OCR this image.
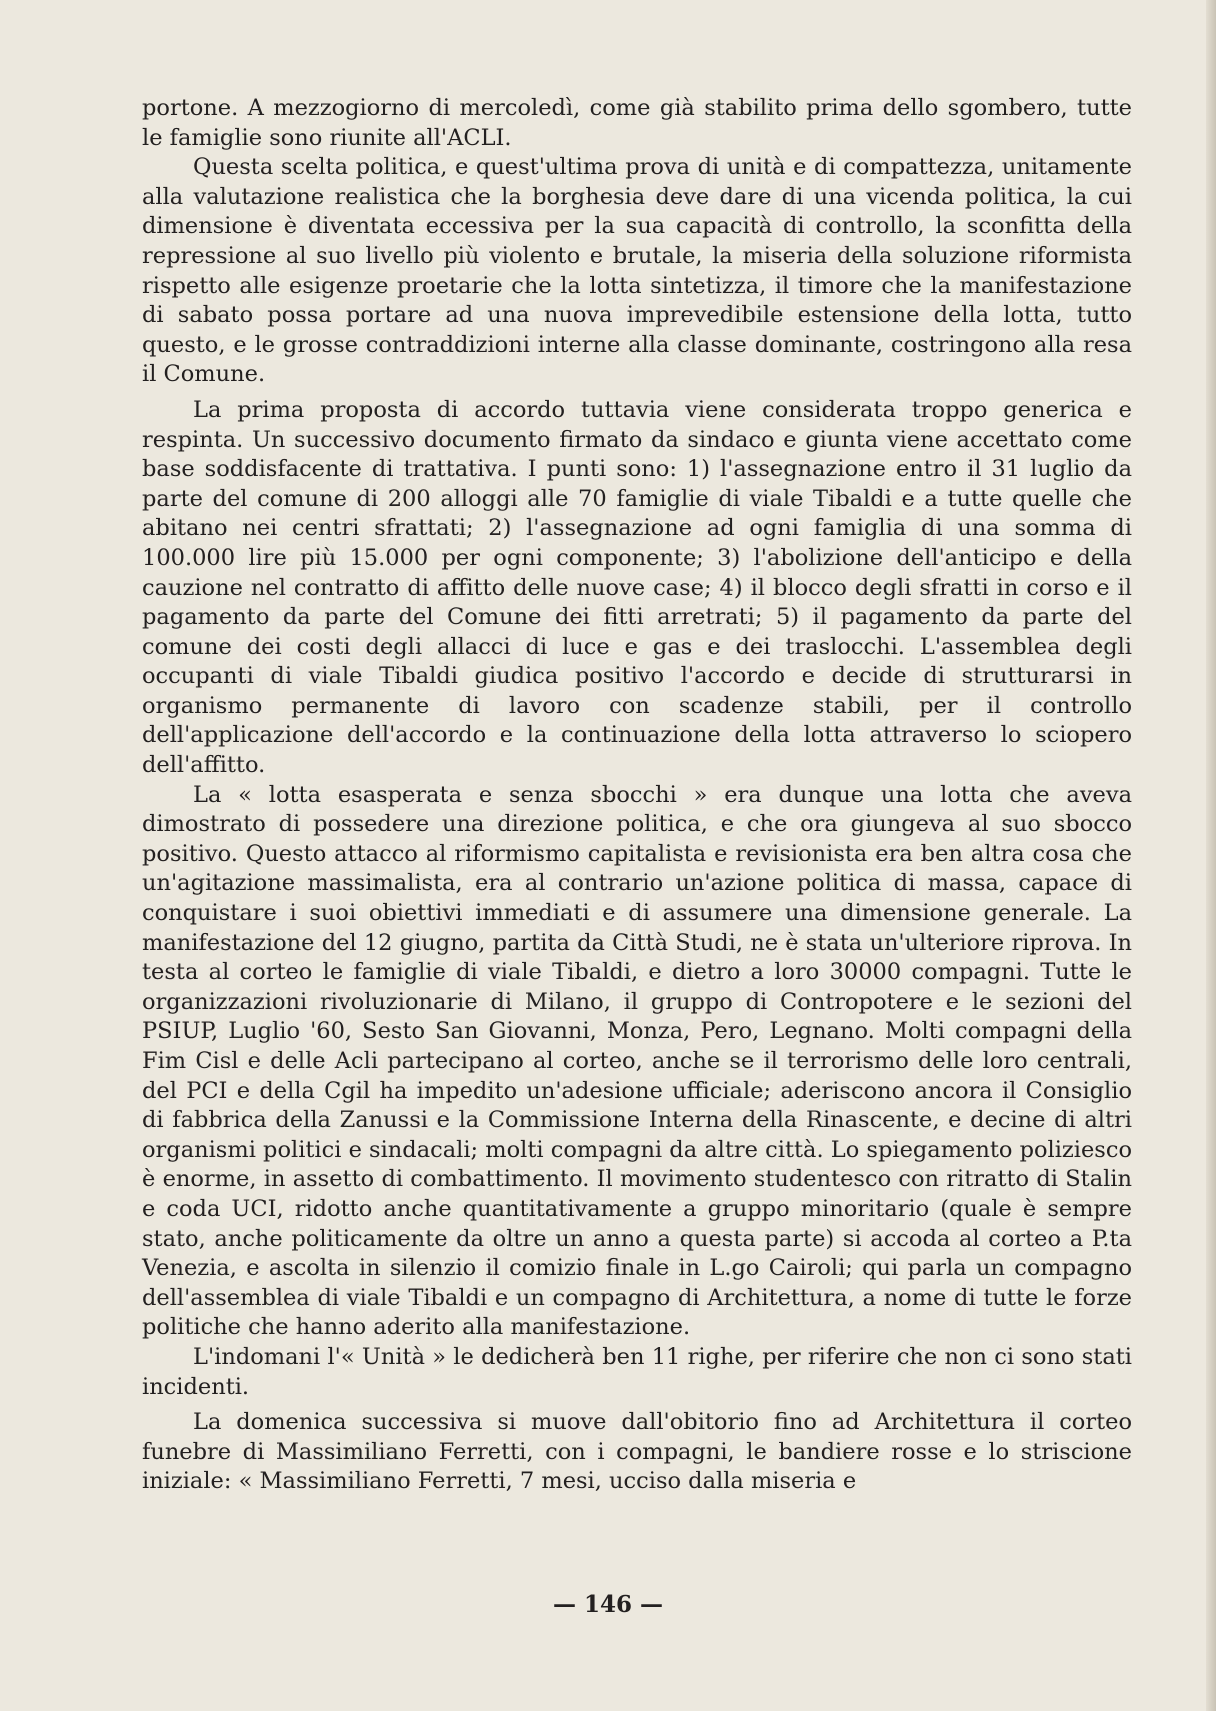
portone. A mezzogiorno di mercoledì, come già stabilito prima dello sgombero, tutte le famiglie sono riunite all'ACLI.

Questa scelta politica, e quest'ultima prova di unità e di compattezza, unitamente alla valutazione realistica che la borghesia deve dare di una vicenda politica, la cui dimensione è diventata eccessiva per la sua capacità di controllo, la sconfitta della repressione al suo livello più violento e brutale, la miseria della soluzione riformista rispetto alle esigenze proetarie che la lotta sintetizza, il timore che la manifestazione di sabato possa portare ad una nuova imprevedibile estensione della lotta, tutto questo, e le grosse contraddizioni interne alla classe dominante, costringono alla resa il Comune.

La prima proposta di accordo tuttavia viene considerata troppo generica e respinta. Un successivo documento firmato da sindaco e giunta viene accettato come base soddisfacente di trattativa. I punti sono: 1) l'assegnazione entro il 31 luglio da parte del comune di 200 alloggi alle 70 famiglie di viale Tibaldi e a tutte quelle che abitano nei centri sfrattati; 2) l'assegnazione ad ogni famiglia di una somma di 100.000 lire più 15.000 per ogni componente; 3) l'abolizione dell'anticipo e della cauzione nel contratto di affitto delle nuove case; 4) il blocco degli sfratti in corso e il pagamento da parte del Comune dei fitti arretrati; 5) il pagamento da parte del comune dei costi degli allacci di luce e gas e dei traslocchi. L'assemblea degli occupanti di viale Tibaldi giudica positivo l'accordo e decide di strutturarsi in organismo permanente di lavoro con scadenze stabili, per il controllo dell'applicazione dell'accordo e la continuazione della lotta attraverso lo sciopero dell'affitto.

La « lotta esasperata e senza sbocchi » era dunque una lotta che aveva dimostrato di possedere una direzione politica, e che ora giungeva al suo sbocco positivo. Questo attacco al riformismo capitalista e revisionista era ben altra cosa che un'agitazione massimalista, era al contrario un'azione politica di massa, capace di conquistare i suoi obiettivi immediati e di assumere una dimensione generale. La manifestazione del 12 giugno, partita da Città Studi, ne è stata un'ulteriore riprova. In testa al corteo le famiglie di viale Tibaldi, e dietro a loro 30000 compagni. Tutte le organizzazioni rivoluzionarie di Milano, il gruppo di Contropotere e le sezioni del PSIUP, Luglio '60, Sesto San Giovanni, Monza, Pero, Legnano. Molti compagni della Fim Cisl e delle Acli partecipano al corteo, anche se il terrorismo delle loro centrali, del PCI e della Cgil ha impedito un'adesione ufficiale; aderiscono ancora il Consiglio di fabbrica della Zanussi e la Commissione Interna della Rinascente, e decine di altri organismi politici e sindacali; molti compagni da altre città. Lo spiegamento poliziesco è enorme, in assetto di combattimento. Il movimento studentesco con ritratto di Stalin e coda UCI, ridotto anche quantitativamente a gruppo minoritario (quale è sempre stato, anche politicamente da oltre un anno a questa parte) si accoda al corteo a P.ta Venezia, e ascolta in silenzio il comizio finale in L.go Cairoli; qui parla un compagno dell'assemblea di viale Tibaldi e un compagno di Architettura, a nome di tutte le forze politiche che hanno aderito alla manifestazione.

L'indomani l'« Unità » le dedicherà ben 11 righe, per riferire che non ci sono stati incidenti.

La domenica successiva si muove dall'obitorio fino ad Architettura il corteo funebre di Massimiliano Ferretti, con i compagni, le bandiere rosse e lo striscione iniziale: « Massimiliano Ferretti, 7 mesi, ucciso dalla miseria e

— 146 —
